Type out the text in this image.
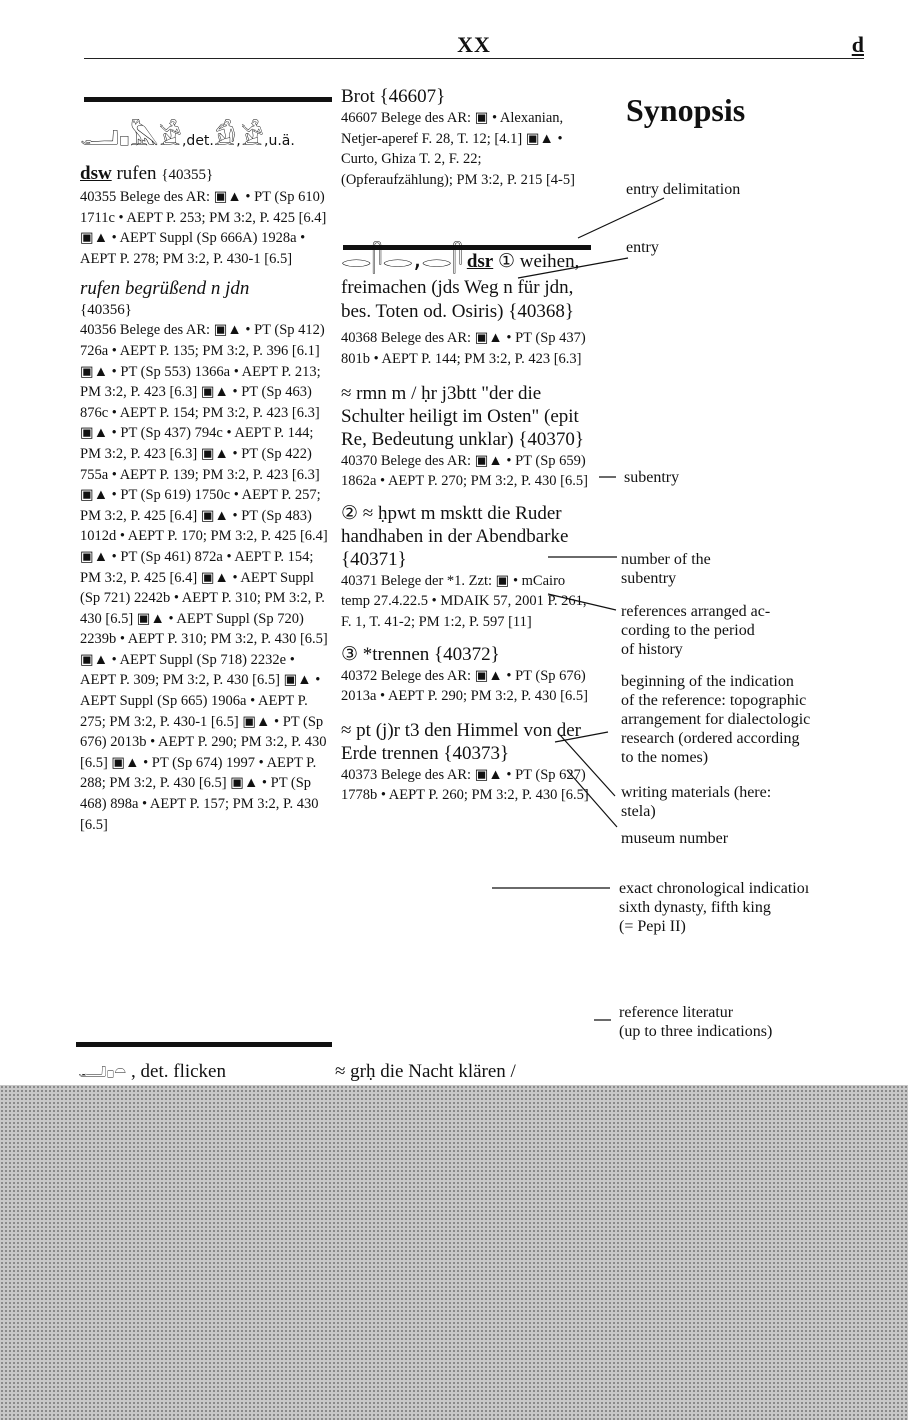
XX	d
𓂝𓊪𓅓𓀀,det.𓀁,𓀀,u.ä.
dsw rufen {40355}

40355 Belege des AR: ▣▲ • PT (Sp 610) 1711c • AEPT P. 253; PM 3:2, P. 425 [6.4] ▣▲ • AEPT Suppl (Sp 666A) 1928a • AEPT P. 278; PM 3:2, P. 430-1 [6.5]

rufen begrüßend n jdn
{40356}

40356 Belege des AR: ▣▲ • PT (Sp 412) 726a • AEPT P. 135; PM 3:2, P. 396 [6.1] ▣▲ • PT (Sp 553) 1366a • AEPT P. 213; PM 3:2, P. 423 [6.3] ▣▲ • PT (Sp 463) 876c • AEPT P. 154; PM 3:2, P. 423 [6.3] ▣▲ • PT (Sp 437) 794c • AEPT P. 144; PM 3:2, P. 423 [6.3] ▣▲ • PT (Sp 422) 755a • AEPT P. 139; PM 3:2, P. 423 [6.3] ▣▲ • PT (Sp 619) 1750c • AEPT P. 257; PM 3:2, P. 425 [6.4] ▣▲ • PT (Sp 483) 1012d • AEPT P. 170; PM 3:2, P. 425 [6.4] ▣▲ • PT (Sp 461) 872a • AEPT P. 154; PM 3:2, P. 425 [6.4] ▣▲ • AEPT Suppl (Sp 721) 2242b • AEPT P. 310; PM 3:2, P. 430 [6.5] ▣▲ • AEPT Suppl (Sp 720) 2239b • AEPT P. 310; PM 3:2, P. 430 [6.5] ▣▲ • AEPT Suppl (Sp 718) 2232e • AEPT P. 309; PM 3:2, P. 430 [6.5] ▣▲ • AEPT Suppl (Sp 665) 1906a • AEPT P. 275; PM 3:2, P. 430-1 [6.5] ▣▲ • PT (Sp 676) 2013b • AEPT P. 290; PM 3:2, P. 430 [6.5] ▣▲ • PT (Sp 674) 1997 • AEPT P. 288; PM 3:2, P. 430 [6.5] ▣▲ • PT (Sp 468) 898a • AEPT P. 157; PM 3:2, P. 430 [6.5]

Brot {46607}

46607 Belege des AR: ▣ • Alexanian, Netjer-aperef F. 28, T. 12; [4.1] ▣▲ • Curto, Ghiza T. 2, F. 22; (Opferaufzählung); PM 3:2, P. 215 [4-5]

𓂋𓋴𓂋,𓂋𓋴 dsr ① weihen, freimachen (jds Weg n für jdn, bes. Toten od. Osiris) {40368}

40368 Belege des AR: ▣▲ • PT (Sp 437) 801b • AEPT P. 144; PM 3:2, P. 423 [6.3]

≈ rmn m / ḥr j3btt "der die Schulter heiligt im Osten" (epit Re, Bedeutung unklar) {40370}

40370 Belege des AR: ▣▲ • PT (Sp 659) 1862a • AEPT P. 270; PM 3:2, P. 430 [6.5]

② ≈ ḥpwt m msktt die Ruder handhaben in der Abendbarke {40371}

40371 Belege der *1. Zzt: ▣ • mCairo temp 27.4.22.5 • MDAIK 57, 2001 P. 261, F. 1, T. 41-2; PM 1:2, P. 597 [11]

③ *trennen {40372}

40372 Belege des AR: ▣▲ • PT (Sp 676) 2013a • AEPT P. 290; PM 3:2, P. 430 [6.5]

≈ pt (j)r t3 den Himmel von der Erde trennen {40373}

40373 Belege des AR: ▣▲ • PT (Sp 627) 1778b • AEPT P. 260; PM 3:2, P. 430 [6.5]

𓂝𓊪𓏏 , det. flicken	≈ grḥ die Nacht klären /
Synopsis
entry delimitation
entry
subentry
number of the
subentry
references arranged ac-
cording to the period
of history
beginning of the indication
of the reference: topographic
arrangement for dialectologic
research (ordered according
to the nomes)
writing materials (here:
stela)
museum number
exact chronological indicatioı
sixth dynasty, fifth king
(= Pepi II)
reference literatur
(up to three indications)
